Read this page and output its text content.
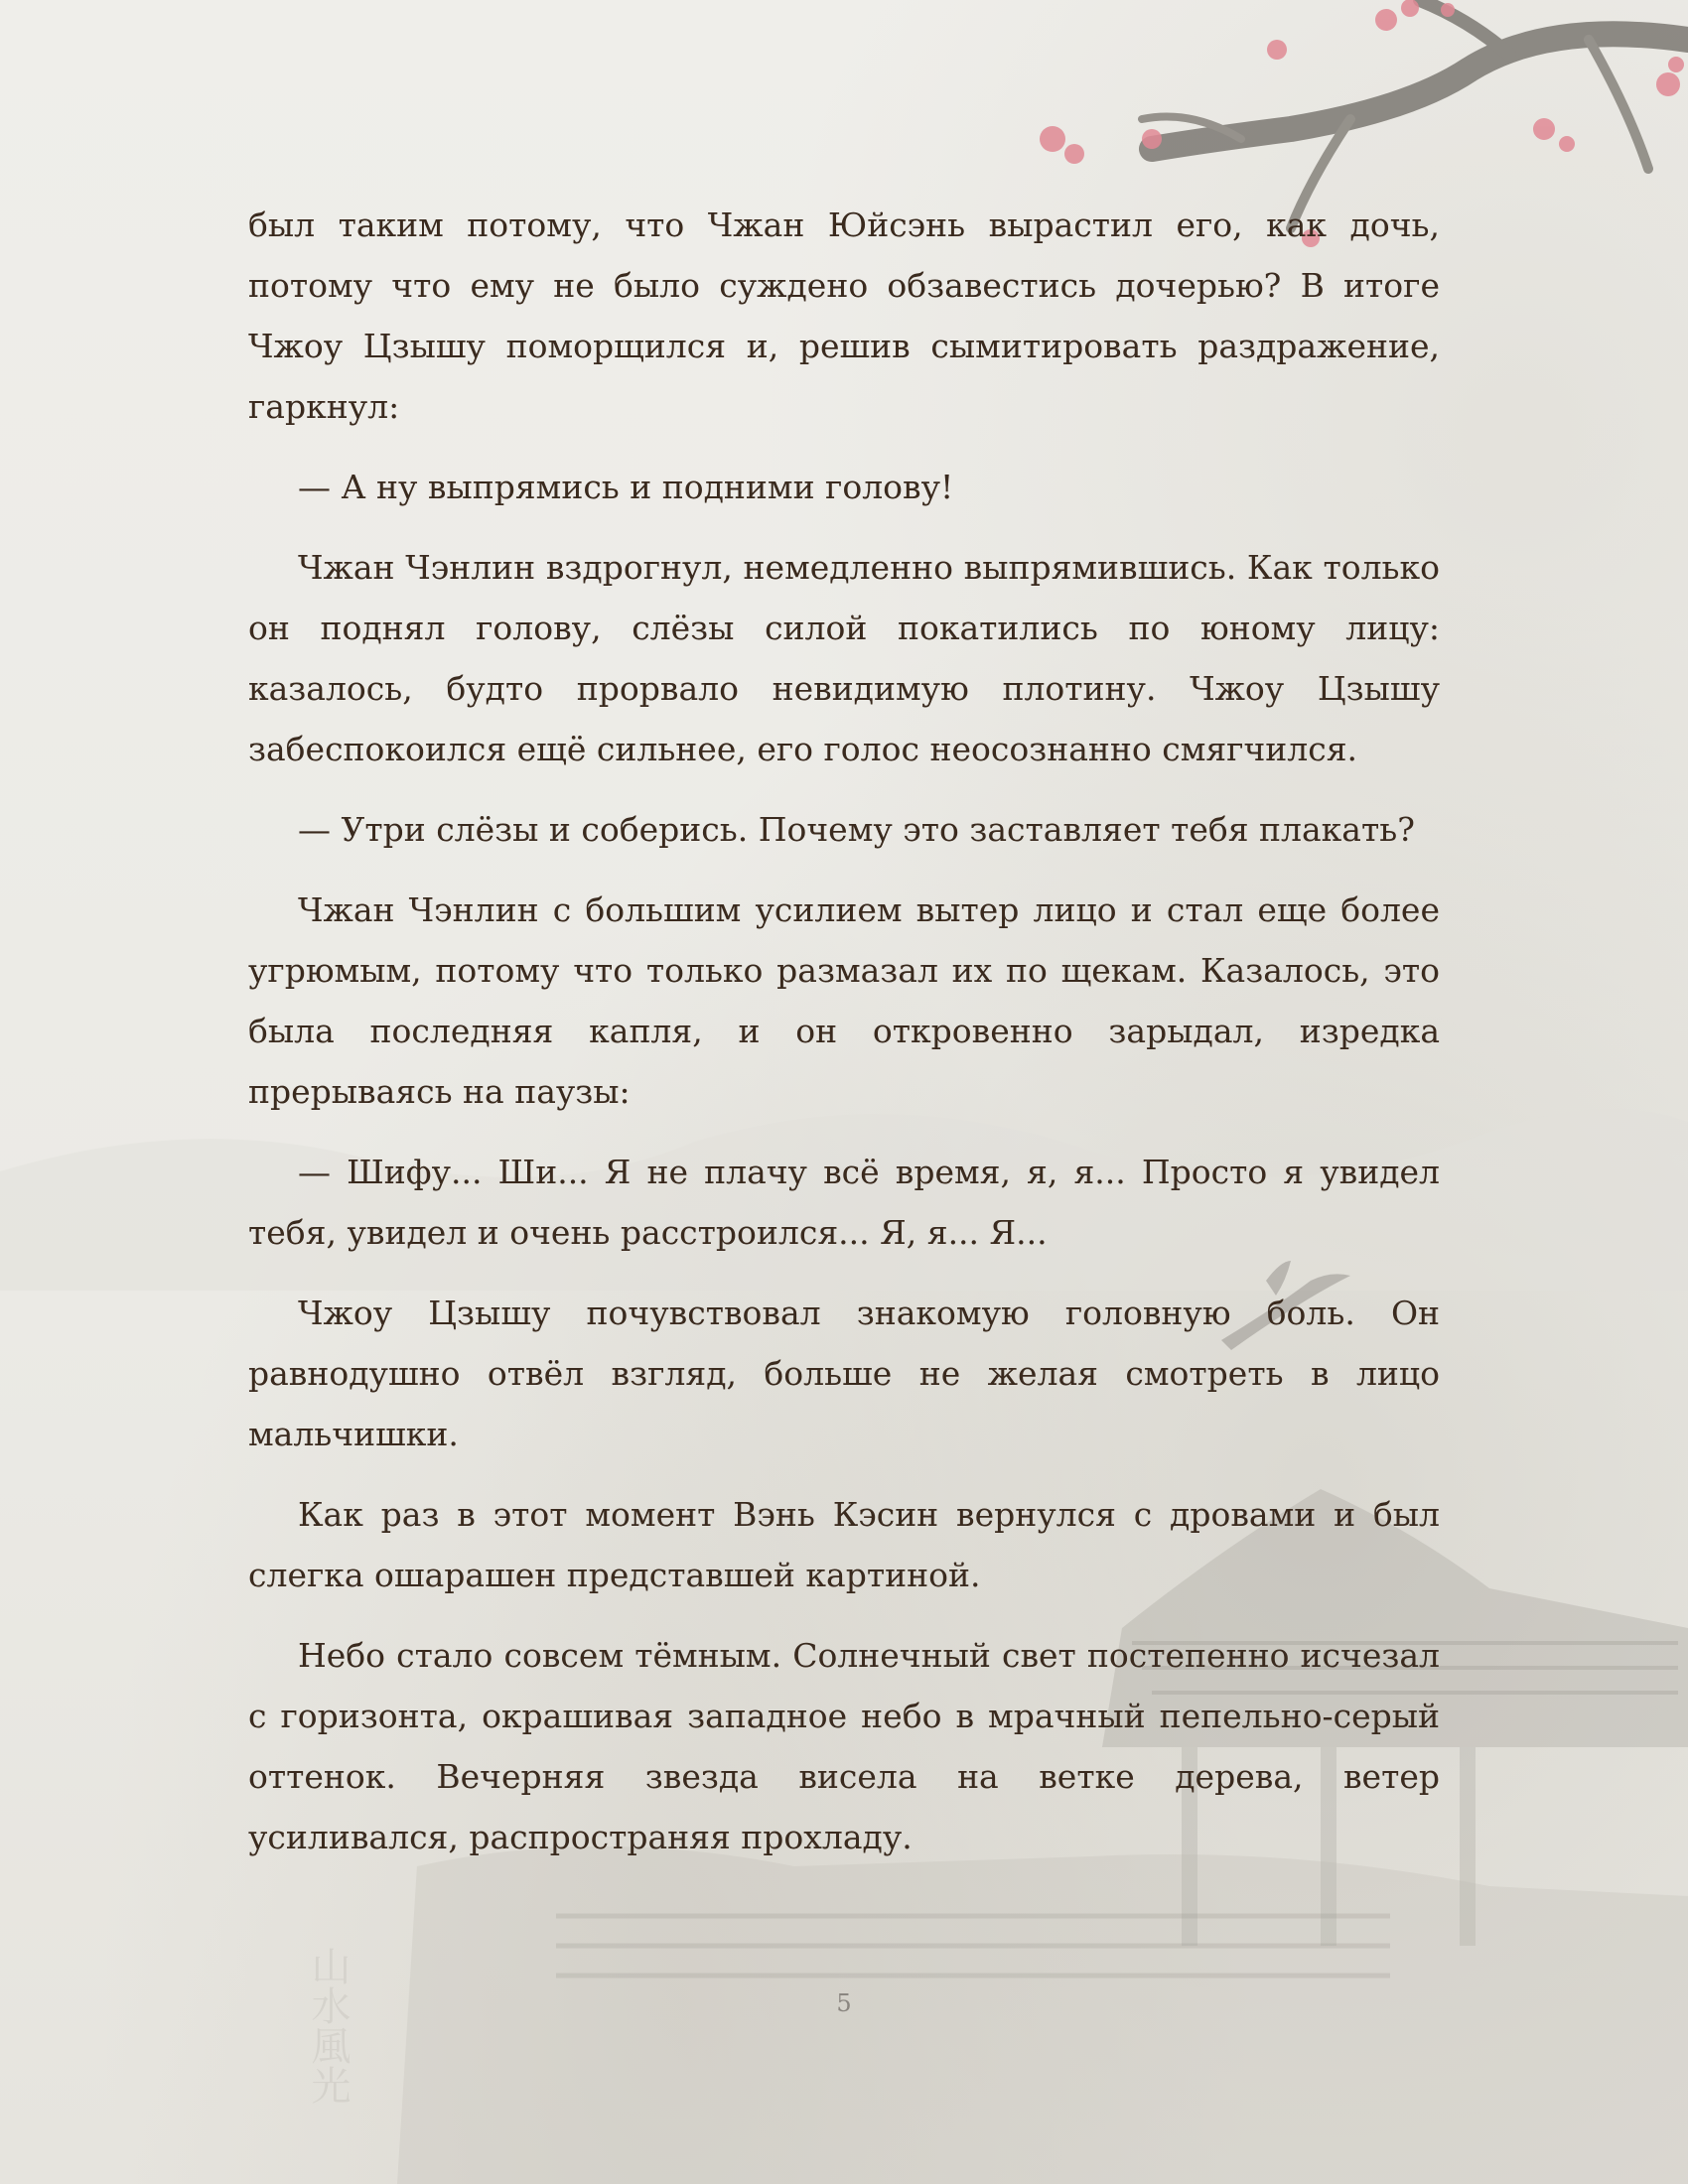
山水風光

был таким потому, что Чжан Юйсэнь вырастил его, как дочь, потому что ему не было суждено обзавестись дочерью? В итоге Чжоу Цзышу поморщился и, решив сымитировать раздражение, гаркнул:

— А ну выпрямись и подними голову!

Чжан Чэнлин вздрогнул, немедленно выпрямившись. Как только он поднял голову, слёзы силой покатились по юному лицу: казалось, будто прорвало невидимую плотину. Чжоу Цзышу забеспокоился ещё сильнее, его голос неосознанно смягчился.

— Утри слёзы и соберись. Почему это заставляет тебя плакать?

Чжан Чэнлин с большим усилием вытер лицо и стал еще более угрюмым, потому что только размазал их по щекам. Казалось, это была последняя капля, и он откровенно зарыдал, изредка прерываясь на паузы:

— Шифу... Ши... Я не плачу всё время, я, я... Просто я увидел тебя, увидел и очень расстроился... Я, я... Я...

Чжоу Цзышу почувствовал знакомую головную боль. Он равнодушно отвёл взгляд, больше не желая смотреть в лицо мальчишки.

Как раз в этот момент Вэнь Кэсин вернулся с дровами и был слегка ошарашен представшей картиной.

Небо стало совсем тёмным. Солнечный свет постепенно исчезал с горизонта, окрашивая западное небо в мрачный пепельно-серый оттенок. Вечерняя звезда висела на ветке дерева, ветер усиливался, распространяя прохладу.

5
